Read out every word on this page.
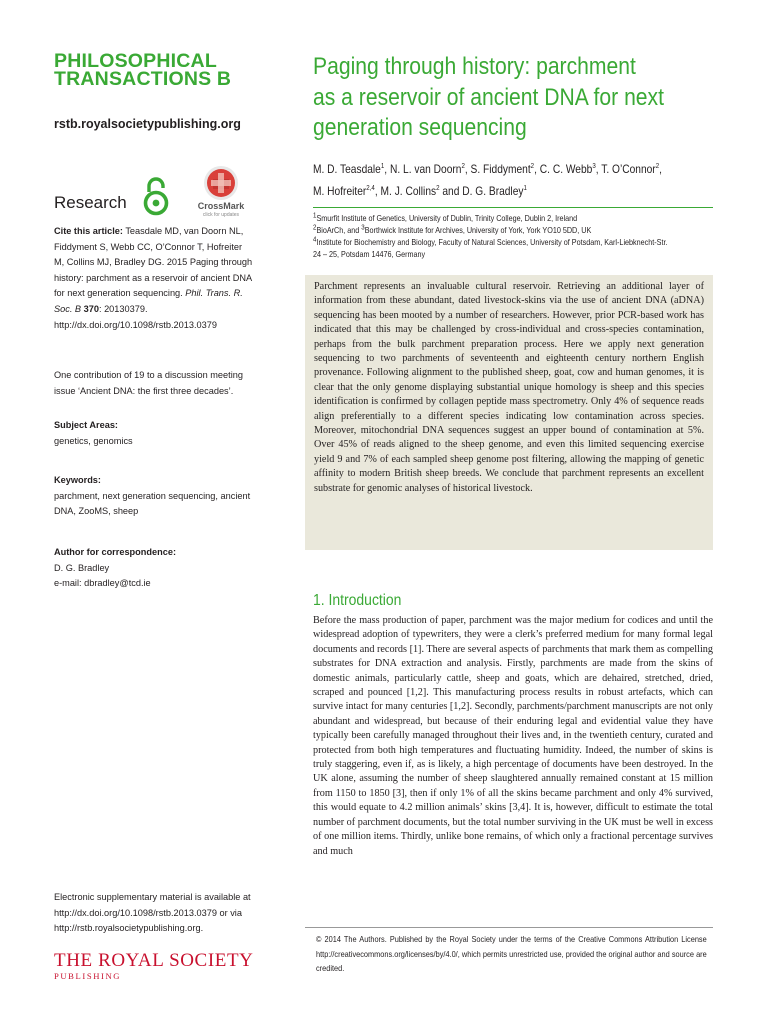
PHILOSOPHICAL
TRANSACTIONS B
rstb.royalsocietypublishing.org
Research	CrossMark
click for updates
Cite this article: Teasdale MD, van Doorn NL, Fiddyment S, Webb CC, O’Connor T, Hofreiter M, Collins MJ, Bradley DG. 2015 Paging through history: parchment as a reservoir of ancient DNA for next generation sequencing. Phil. Trans. R. Soc. B 370: 20130379.
http://dx.doi.org/10.1098/rstb.2013.0379
One contribution of 19 to a discussion meeting issue ‘Ancient DNA: the first three decades’.
Subject Areas:
genetics, genomics
Keywords:
parchment, next generation sequencing, ancient DNA, ZooMS, sheep
Author for correspondence:
D. G. Bradley
e-mail: dbradley@tcd.ie
Electronic supplementary material is available at http://dx.doi.org/10.1098/rstb.2013.0379 or via http://rstb.royalsocietypublishing.org.
THE ROYAL SOCIETY
PUBLISHING
Paging through history: parchment
as a reservoir of ancient DNA for next
generation sequencing
M. D. Teasdale$^1$, N. L. van Doorn$^2$, S. Fiddyment$^2$, C. C. Webb$^3$, T. O’Connor$^2$,
M. Hofreiter$^{2,4}$, M. J. Collins$^2$ and D. G. Bradley$^1$
$^1$Smurfit Institute of Genetics, University of Dublin, Trinity College, Dublin 2, Ireland
$^2$BioArCh, and $^3$Borthwick Institute for Archives, University of York, York YO10 5DD, UK
$^4$Institute for Biochemistry and Biology, Faculty of Natural Sciences, University of Potsdam, Karl-Liebknecht-Str.
24 – 25, Potsdam 14476, Germany
Parchment represents an invaluable cultural reservoir. Retrieving an additional layer of information from these abundant, dated livestock-skins via the use of ancient DNA (aDNA) sequencing has been mooted by a number of researchers. However, prior PCR-based work has indicated that this may be challenged by cross-individual and cross-species contamination, perhaps from the bulk parchment preparation process. Here we apply next generation sequencing to two parchments of seventeenth and eighteenth century northern English provenance. Following alignment to the published sheep, goat, cow and human genomes, it is clear that the only genome displaying substantial unique homology is sheep and this species identification is confirmed by collagen peptide mass spectrometry. Only 4% of sequence reads align preferentially to a different species indicating low contamination across species. Moreover, mitochondrial DNA sequences suggest an upper bound of contamination at 5%. Over 45% of reads aligned to the sheep genome, and even this limited sequencing exercise yield 9 and 7% of each sampled sheep genome post filtering, allowing the mapping of genetic affinity to modern British sheep breeds. We conclude that parchment represents an excellent substrate for genomic analyses of historical livestock.
1. Introduction
Before the mass production of paper, parchment was the major medium for codices and until the widespread adoption of typewriters, they were a clerk’s preferred medium for many formal legal documents and records [1]. There are several aspects of parchments that mark them as compelling substrates for DNA extraction and analysis. Firstly, parchments are made from the skins of domestic animals, particularly cattle, sheep and goats, which are dehaired, stretched, dried, scraped and pounced [1,2]. This manufacturing process results in robust artefacts, which can survive intact for many centuries [1,2]. Secondly, parchments/parchment manuscripts are not only abundant and widespread, but because of their enduring legal and evidential value they have typically been carefully managed throughout their lives and, in the twentieth century, curated and protected from both high temperatures and fluctuating humidity. Indeed, the number of skins is truly staggering, even if, as is likely, a high percentage of documents have been destroyed. In the UK alone, assuming the number of sheep slaughtered annually remained constant at 15 million from 1150 to 1850 [3], then if only 1% of all the skins became parchment and only 4% survived, this would equate to 4.2 million animals’ skins [3,4]. It is, however, difficult to estimate the total number of parchment documents, but the total number surviving in the UK must be well in excess of one million items. Thirdly, unlike bone remains, of which only a fractional percentage survives and much
© 2014 The Authors. Published by the Royal Society under the terms of the Creative Commons Attribution License http://creativecommons.org/licenses/by/4.0/, which permits unrestricted use, provided the original author and source are credited.
